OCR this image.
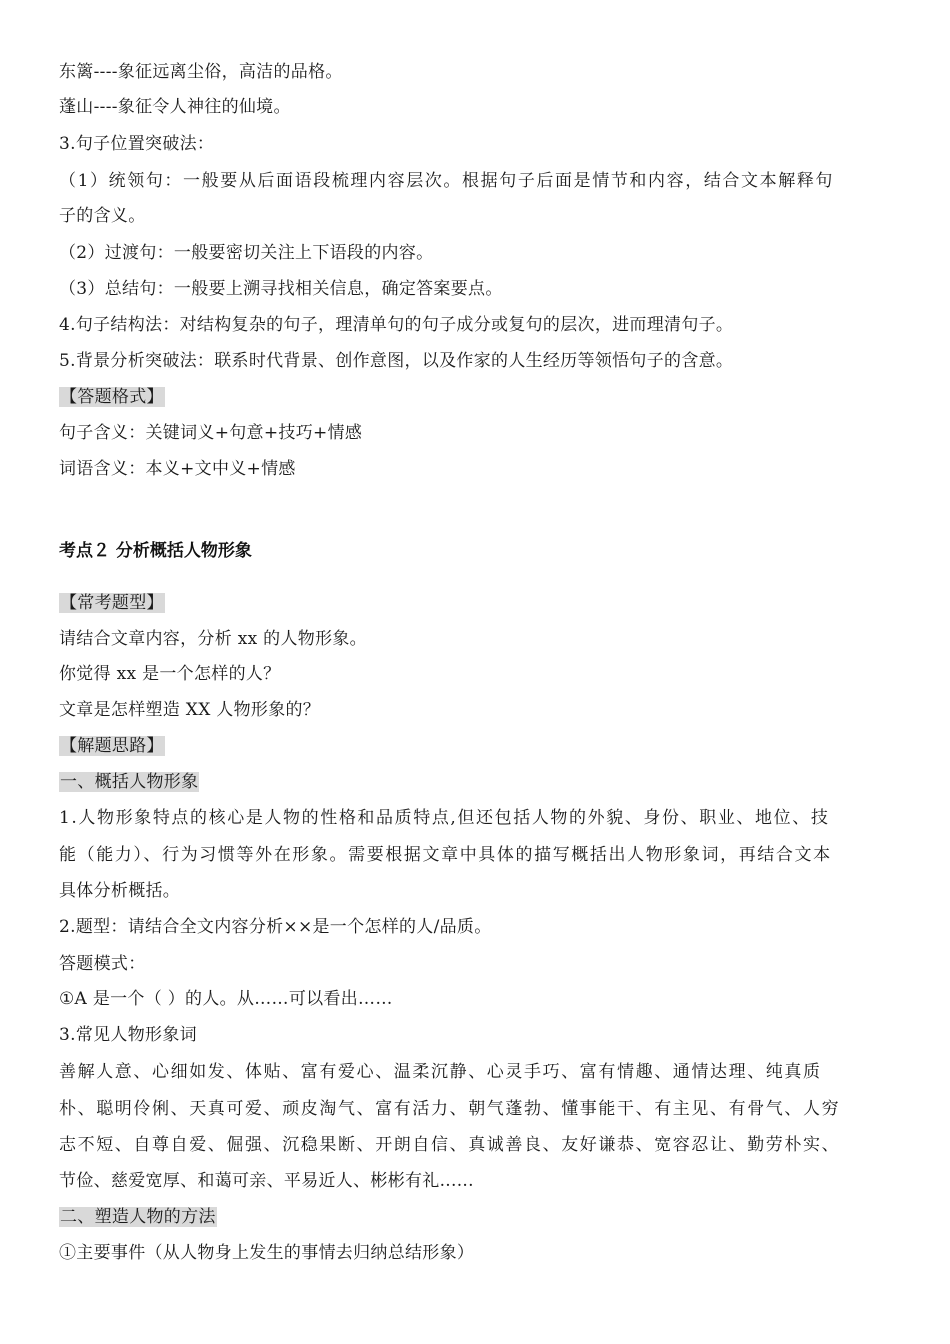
东篱----象征远离尘俗，高洁的品格。
蓬山----象征令人神往的仙境。
3.句子位置突破法：
（1）统领句：一般要从后面语段梳理内容层次。根据句子后面是情节和内容，结合文本解释句
子的含义。
（2）过渡句：一般要密切关注上下语段的内容。
（3）总结句：一般要上溯寻找相关信息，确定答案要点。
4.句子结构法：对结构复杂的句子，理清单句的句子成分或复句的层次，进而理清句子。
5.背景分析突破法：联系时代背景、创作意图，以及作家的人生经历等领悟句子的含意。
【答题格式】
句子含义：关键词义+句意+技巧+情感
词语含义：本义+文中义+情感
考点２ 分析概括人物形象
【常考题型】
请结合文章内容，分析 xx 的人物形象。
你觉得 xx 是一个怎样的人？
文章是怎样塑造 XX 人物形象的？
【解题思路】
一、概括人物形象
1.人物形象特点的核心是人物的性格和品质特点,但还包括人物的外貌、身份、职业、地位、技
能（能力）、行为习惯等外在形象。需要根据文章中具体的描写概括出人物形象词，再结合文本
具体分析概括。
2.题型：请结合全文内容分析××是一个怎样的人/品质。
答题模式：
①A 是一个（ ）的人。从……可以看出……
3.常见人物形象词
善解人意、心细如发、体贴、富有爱心、温柔沉静、心灵手巧、富有情趣、通情达理、纯真质
朴、聪明伶俐、天真可爱、顽皮淘气、富有活力、朝气蓬勃、懂事能干、有主见、有骨气、人穷
志不短、自尊自爱、倔强、沉稳果断、开朗自信、真诚善良、友好谦恭、宽容忍让、勤劳朴实、
节俭、慈爱宽厚、和蔼可亲、平易近人、彬彬有礼......
二、塑造人物的方法
①主要事件（从人物身上发生的事情去归纳总结形象）
